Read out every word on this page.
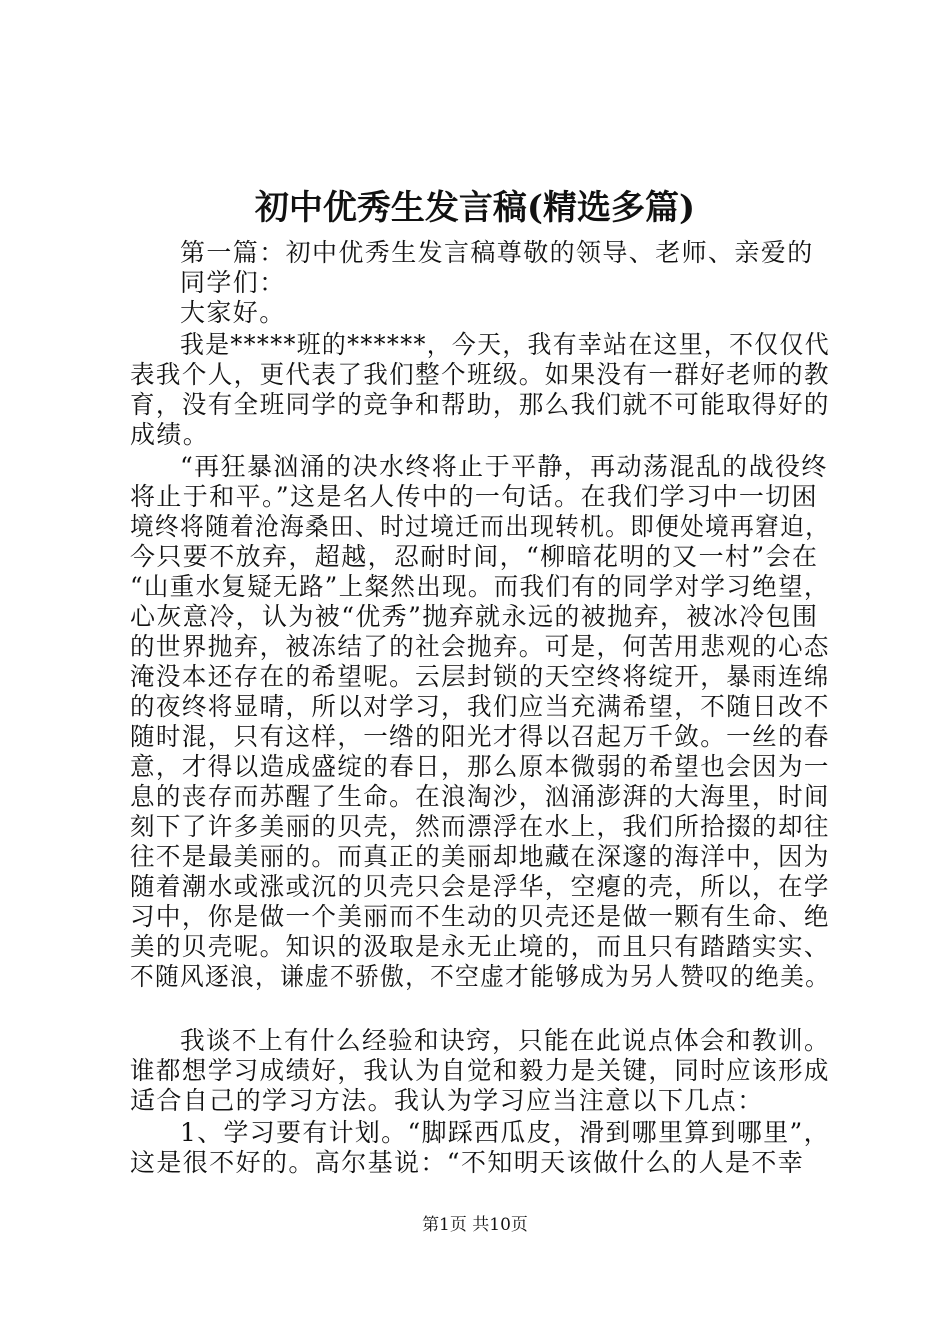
初中优秀生发言稿(精选多篇)

第一篇：初中优秀生发言稿尊敬的领导、老师、亲爱的

同学们：

大家好。

我是*****班的******，今天，我有幸站在这里，不仅仅代

表我个人，更代表了我们整个班级。如果没有一群好老师的教

育，没有全班同学的竞争和帮助，那么我们就不可能取得好的

成绩。

“再狂暴汹涌的决水终将止于平静，再动荡混乱的战役终

将止于和平。”这是名人传中的一句话。在我们学习中一切困

境终将随着沧海桑田、时过境迁而出现转机。即便处境再窘迫，

今只要不放弃，超越，忍耐时间，“柳暗花明的又一村”会在

“山重水复疑无路”上粲然出现。而我们有的同学对学习绝望，

心灰意冷，认为被“优秀”抛弃就永远的被抛弃，被冰冷包围

的世界抛弃，被冻结了的社会抛弃。可是，何苦用悲观的心态

淹没本还存在的希望呢。云层封锁的天空终将绽开，暴雨连绵

的夜终将显晴，所以对学习，我们应当充满希望，不随日改不

随时混，只有这样，一绺的阳光才得以召起万千敛。一丝的春

意，才得以造成盛绽的春日，那么原本微弱的希望也会因为一

息的丧存而苏醒了生命。在浪淘沙，汹涌澎湃的大海里，时间

刻下了许多美丽的贝壳，然而漂浮在水上，我们所拾掇的却往

往不是最美丽的。而真正的美丽却地藏在深邃的海洋中，因为

随着潮水或涨或沉的贝壳只会是浮华，空瘪的壳，所以，在学

习中，你是做一个美丽而不生动的贝壳还是做一颗有生命、绝

美的贝壳呢。知识的汲取是永无止境的，而且只有踏踏实实、

不随风逐浪，谦虚不骄傲，不空虚才能够成为另人赞叹的绝美。

我谈不上有什么经验和诀窍，只能在此说点体会和教训。

谁都想学习成绩好，我认为自觉和毅力是关键，同时应该形成

适合自己的学习方法。我认为学习应当注意以下几点：

1、学习要有计划。“脚踩西瓜皮，滑到哪里算到哪里”，

这是很不好的。高尔基说：“不知明天该做什么的人是不幸

第1页 共10页
